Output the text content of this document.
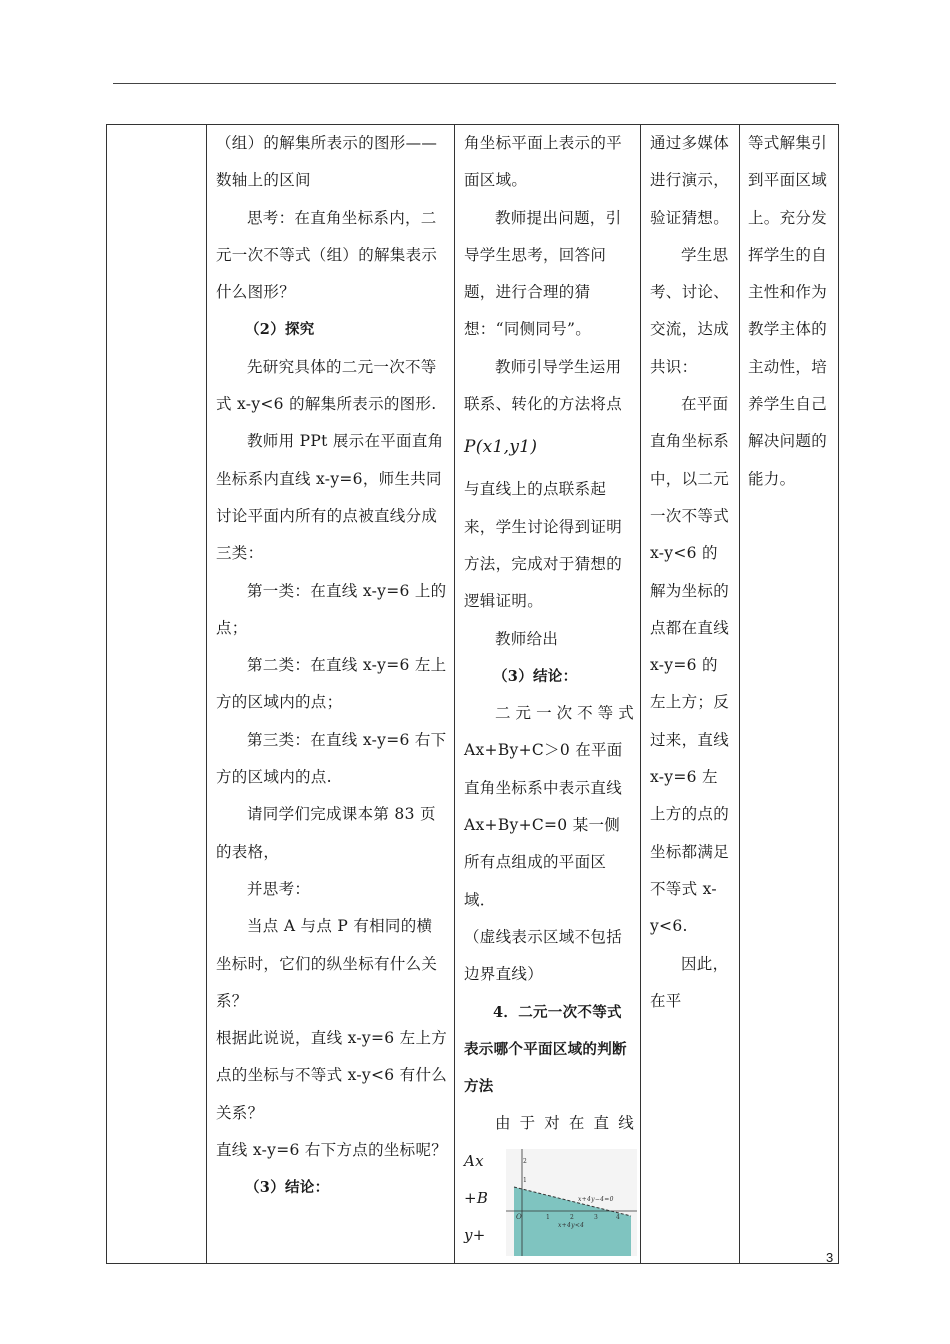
（组）的解集所表示的图形——数轴上的区间

思考：在直角坐标系内，二元一次不等式（组）的解集表示什么图形？

（2）探究

先研究具体的二元一次不等式 x-y<6 的解集所表示的图形.

教师用 PPt 展示在平面直角坐标系内直线 x-y=6，师生共同讨论平面内所有的点被直线分成三类：

第一类：在直线 x-y=6 上的点；

第二类：在直线 x-y=6 左上方的区域内的点；

第三类：在直线 x-y=6 右下方的区域内的点.

请同学们完成课本第 83 页的表格，

并思考：

当点 A 与点 P 有相同的横坐标时，它们的纵坐标有什么关系？

根据此说说，直线 x-y=6 左上方点的坐标与不等式 x-y<6 有什么关系？

直线 x-y=6 右下方点的坐标呢？

（3）结论：

角坐标平面上表示的平面区域。

教师提出问题，引导学生思考，回答问题，进行合理的猜想：“同侧同号”。

教师引导学生运用联系、转化的方法将点

P(x1,y1)

与直线上的点联系起来，学生讨论得到证明方法，完成对于猜想的逻辑证明。

教师给出

（3）结论：

二元一次不等式

Ax+By+C＞0 在平面直角坐标系中表示直线 Ax+By+C=0 某一侧所有点组成的平面区域．

（虚线表示区域不包括边界直线）

4．二元一次不等式表示哪个平面区域的判断方法

由于对在直线

Ax
+B
y+
2
1
O	1	2	3	4
x+4y−4=0
x+4y<4

通过多媒体进行演示，验证猜想。

学生思考、讨论、交流，达成共识：

在平面直角坐标系中，以二元一次不等式 x-y<6 的解为坐标的点都在直线 x-y=6 的左上方；反过来，直线 x-y=6 左上方的点的坐标都满足不等式 x-y<6.

因此，在平

等式解集引到平面区域上。充分发挥学生的自主性和作为教学主体的主动性，培养学生自己解决问题的能力。

3
